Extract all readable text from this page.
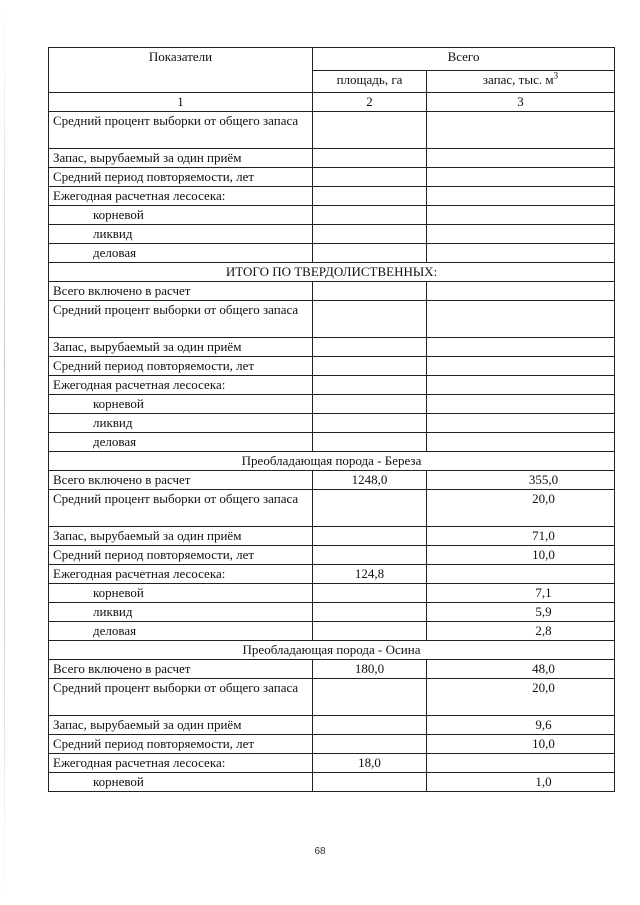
Показатели	Всего	
	площадь, га	запас, тыс. $м^3$
1	2	3
Средний процент выборки от общего запаса		
Запас, вырубаемый за один приём		
Средний период повторяемости, лет		
Ежегодная расчетная лесосека:		
корневой		
ликвид		
деловая		
ИТОГО ПО ТВЕРДОЛИСТВЕННЫХ:		
Всего включено в расчет		
Средний процент выборки от общего запаса		
Запас, вырубаемый за один приём		
Средний период повторяемости, лет		
Ежегодная расчетная лесосека:		
корневой		
ликвид		
деловая		
Преобладающая порода - Береза		
Всего включено в расчет	1248,0	355,0
Средний процент выборки от общего запаса		20,0
Запас, вырубаемый за один приём		71,0
Средний период повторяемости, лет		10,0
Ежегодная расчетная лесосека:	124,8	
корневой		7,1
ликвид		5,9
деловая		2,8
Преобладающая порода - Осина		
Всего включено в расчет	180,0	48,0
Средний процент выборки от общего запаса		20,0
Запас, вырубаемый за один приём		9,6
Средний период повторяемости, лет		10,0
Ежегодная расчетная лесосека:	18,0	
корневой		1,0
68
